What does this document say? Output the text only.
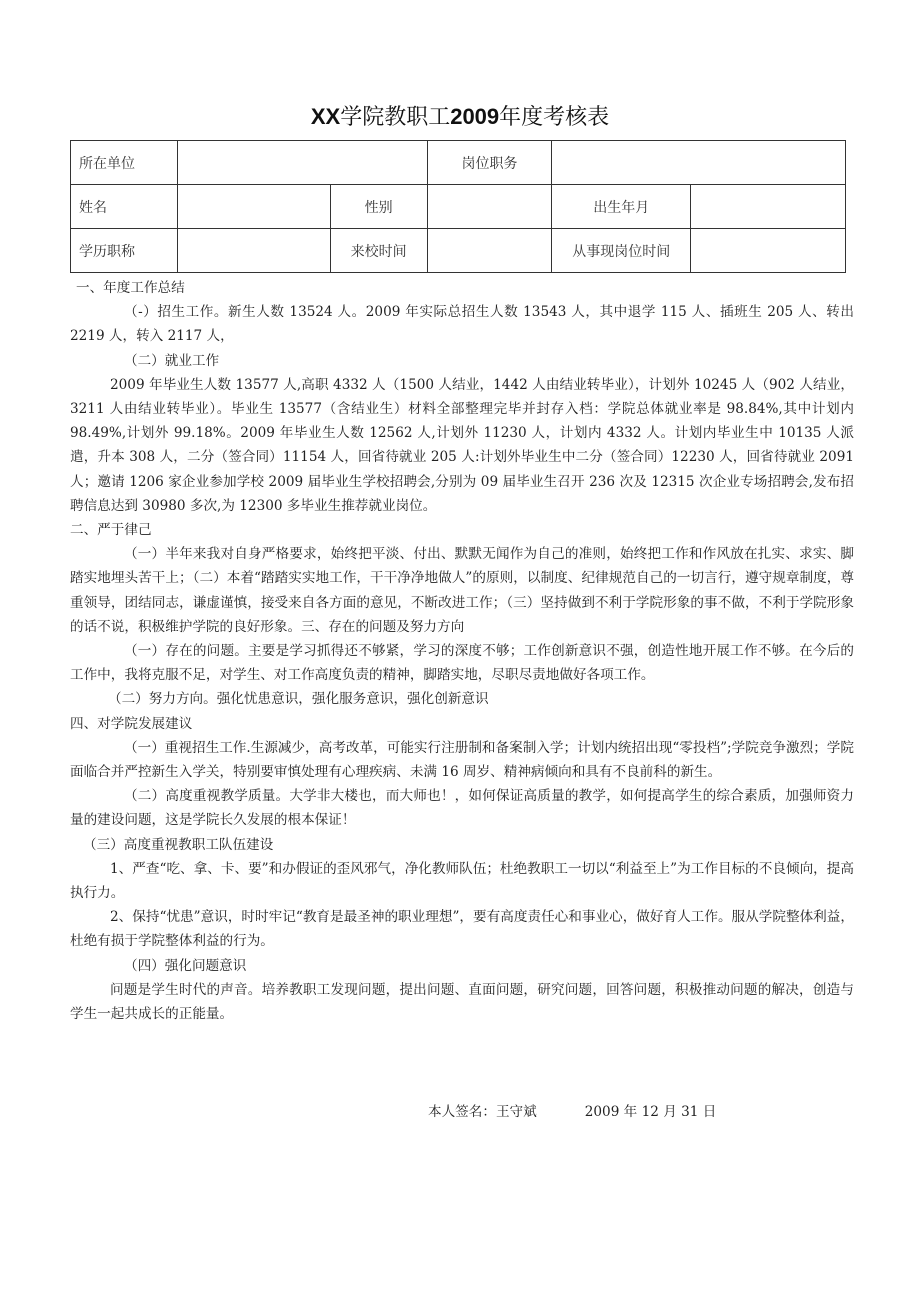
XX学院教职工2009年度考核表
所在单位			岗位职务		
姓名		性别		出生年月	
学历职称		来校时间		从事现岗位时间	

一、年度工作总结

（-）招生工作。新生人数 13524 人。2009 年实际总招生人数 13543 人，其中退学 115 人、插班生 205 人、转出 2219 人，转入 2117 人，

（二）就业工作

2009 年毕业生人数 13577 人,高职 4332 人（1500 人结业，1442 人由结业转毕业），计划外 10245 人（902 人结业，3211 人由结业转毕业）。毕业生 13577（含结业生）材料全部整理完毕并封存入档：学院总体就业率是 98.84%,其中计划内 98.49%,计划外 99.18%。2009 年毕业生人数 12562 人,计划外 11230 人，计划内 4332 人。计划内毕业生中 10135 人派遣，升本 308 人，二分（签合同）11154 人，回省待就业 205 人:计划外毕业生中二分（签合同）12230 人，回省待就业 2091 人；邀请 1206 家企业参加学校 2009 届毕业生学校招聘会,分别为 09 届毕业生召开 236 次及 12315 次企业专场招聘会,发布招聘信息达到 30980 多次,为 12300 多毕业生推荐就业岗位。

二、严于律己

（一）半年来我对自身严格要求，始终把平淡、付出、默默无闻作为自己的准则，始终把工作和作风放在扎实、求实、脚踏实地埋头苦干上；（二）本着“踏踏实实地工作，干干净净地做人”的原则，以制度、纪律规范自己的一切言行，遵守规章制度，尊重领导，团结同志，谦虚谨慎，接受来自各方面的意见，不断改进工作；（三）坚持做到不利于学院形象的事不做，不利于学院形象的话不说，积极维护学院的良好形象。三、存在的问题及努力方向

（一）存在的问题。主要是学习抓得还不够紧，学习的深度不够；工作创新意识不强，创造性地开展工作不够。在今后的工作中，我将克服不足，对学生、对工作高度负责的精神，脚踏实地，尽职尽责地做好各项工作。

（二）努力方向。强化忧患意识，强化服务意识，强化创新意识

四、对学院发展建议

（一）重视招生工作.生源减少，高考改革，可能实行注册制和备案制入学；计划内统招出现“零投档”;学院竞争激烈；学院面临合并严控新生入学关，特别要审慎处理有心理疾病、未满 16 周岁、精神病倾向和具有不良前科的新生。

（二）高度重视教学质量。大学非大楼也，而大师也！，如何保证高质量的教学，如何提高学生的综合素质，加强师资力量的建设问题，这是学院长久发展的根本保证！

（三）高度重视教职工队伍建设

1、严查“吃、拿、卡、要”和办假证的歪风邪气，净化教师队伍；杜绝教职工一切以“利益至上”为工作目标的不良倾向，提高执行力。

2、保持“忧患”意识，时时牢记“教育是最圣神的职业理想”，要有高度责任心和事业心，做好育人工作。服从学院整体利益，杜绝有损于学院整体利益的行为。

（四）强化问题意识

问题是学生时代的声音。培养教职工发现问题，提出问题、直面问题，研究问题，回答问题，积极推动问题的解决，创造与学生一起共成长的正能量。

本人签名：王守斌	2009 年 12 月 31 日
